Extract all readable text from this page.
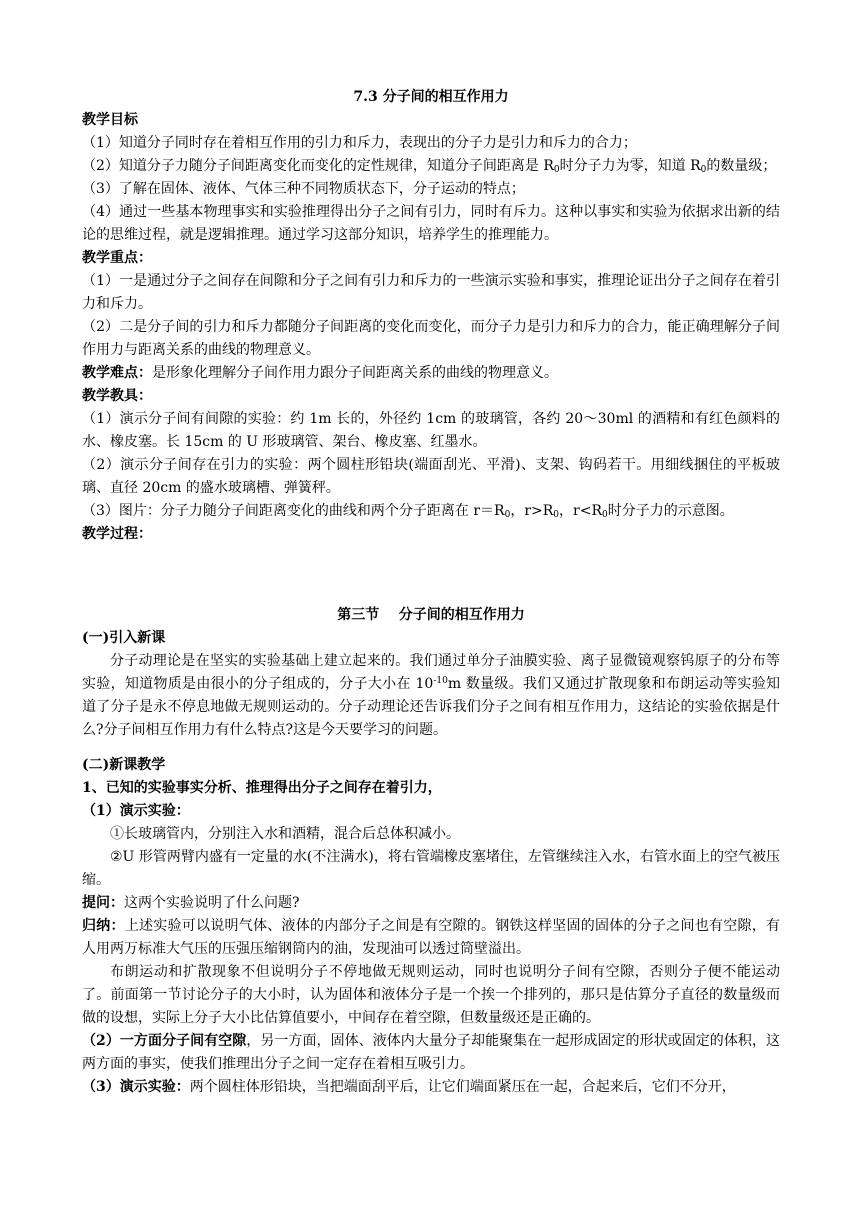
7.3 分子间的相互作用力
教学目标
（1）知道分子同时存在着相互作用的引力和斥力，表现出的分子力是引力和斥力的合力；
（2）知道分子力随分子间距离变化而变化的定性规律，知道分子间距离是 $R_0$时分子力为零，知道 $R_0$的数量级；
（3）了解在固体、液体、气体三种不同物质状态下，分子运动的特点；
（4）通过一些基本物理事实和实验推理得出分子之间有引力，同时有斥力。这种以事实和实验为依据求出新的结论的思维过程，就是逻辑推理。通过学习这部分知识，培养学生的推理能力。
教学重点：
（1）一是通过分子之间存在间隙和分子之间有引力和斥力的一些演示实验和事实，推理论证出分子之间存在着引力和斥力。
（2）二是分子间的引力和斥力都随分子间距离的变化而变化，而分子力是引力和斥力的合力，能正确理解分子间作用力与距离关系的曲线的物理意义。
教学难点：是形象化理解分子间作用力跟分子间距离关系的曲线的物理意义。
教学教具：
（1）演示分子间有间隙的实验：约 1m 长的，外径约 1cm 的玻璃管，各约 20～30ml 的酒精和有红色颜料的水、橡皮塞。长 15cm 的 U 形玻璃管、架台、橡皮塞、红墨水。
（2）演示分子间存在引力的实验：两个圆柱形铅块(端面刮光、平滑)、支架、钩码若干。用细线捆住的平板玻璃、直径 20cm 的盛水玻璃槽、弹簧秤。
（3）图片：分子力随分子间距离变化的曲线和两个分子距离在 $r=R_0$，$r>R_0$，$r<R_0$时分子力的示意图。
教学过程：
第三节    分子间的相互作用力
(一)引入新课
分子动理论是在坚实的实验基础上建立起来的。我们通过单分子油膜实验、离子显微镜观察钨原子的分布等实验，知道物质是由很小的分子组成的，分子大小在 $10^{-10}m$ 数量级。我们又通过扩散现象和布朗运动等实验知道了分子是永不停息地做无规则运动的。分子动理论还告诉我们分子之间有相互作用力，这结论的实验依据是什么?分子间相互作用力有什么特点?这是今天要学习的问题。
(二)新课教学
1、已知的实验事实分析、推理得出分子之间存在着引力，
（1）演示实验：
①长玻璃管内，分别注入水和酒精，混合后总体积减小。
②U 形管两臂内盛有一定量的水(不注满水)，将右管端橡皮塞堵住，左管继续注入水，右管水面上的空气被压缩。
提问：这两个实验说明了什么问题?
归纳：上述实验可以说明气体、液体的内部分子之间是有空隙的。钢铁这样坚固的固体的分子之间也有空隙，有人用两万标准大气压的压强压缩钢筒内的油，发现油可以透过筒壁溢出。
布朗运动和扩散现象不但说明分子不停地做无规则运动，同时也说明分子间有空隙，否则分子便不能运动了。前面第一节讨论分子的大小时，认为固体和液体分子是一个挨一个排列的，那只是估算分子直径的数量级而做的设想，实际上分子大小比估算值要小，中间存在着空隙，但数量级还是正确的。
（2）一方面分子间有空隙，另一方面，固体、液体内大量分子却能聚集在一起形成固定的形状或固定的体积，这两方面的事实，使我们推理出分子之间一定存在着相互吸引力。
（3）演示实验：两个圆柱体形铅块，当把端面刮平后，让它们端面紧压在一起，合起来后，它们不分开，
